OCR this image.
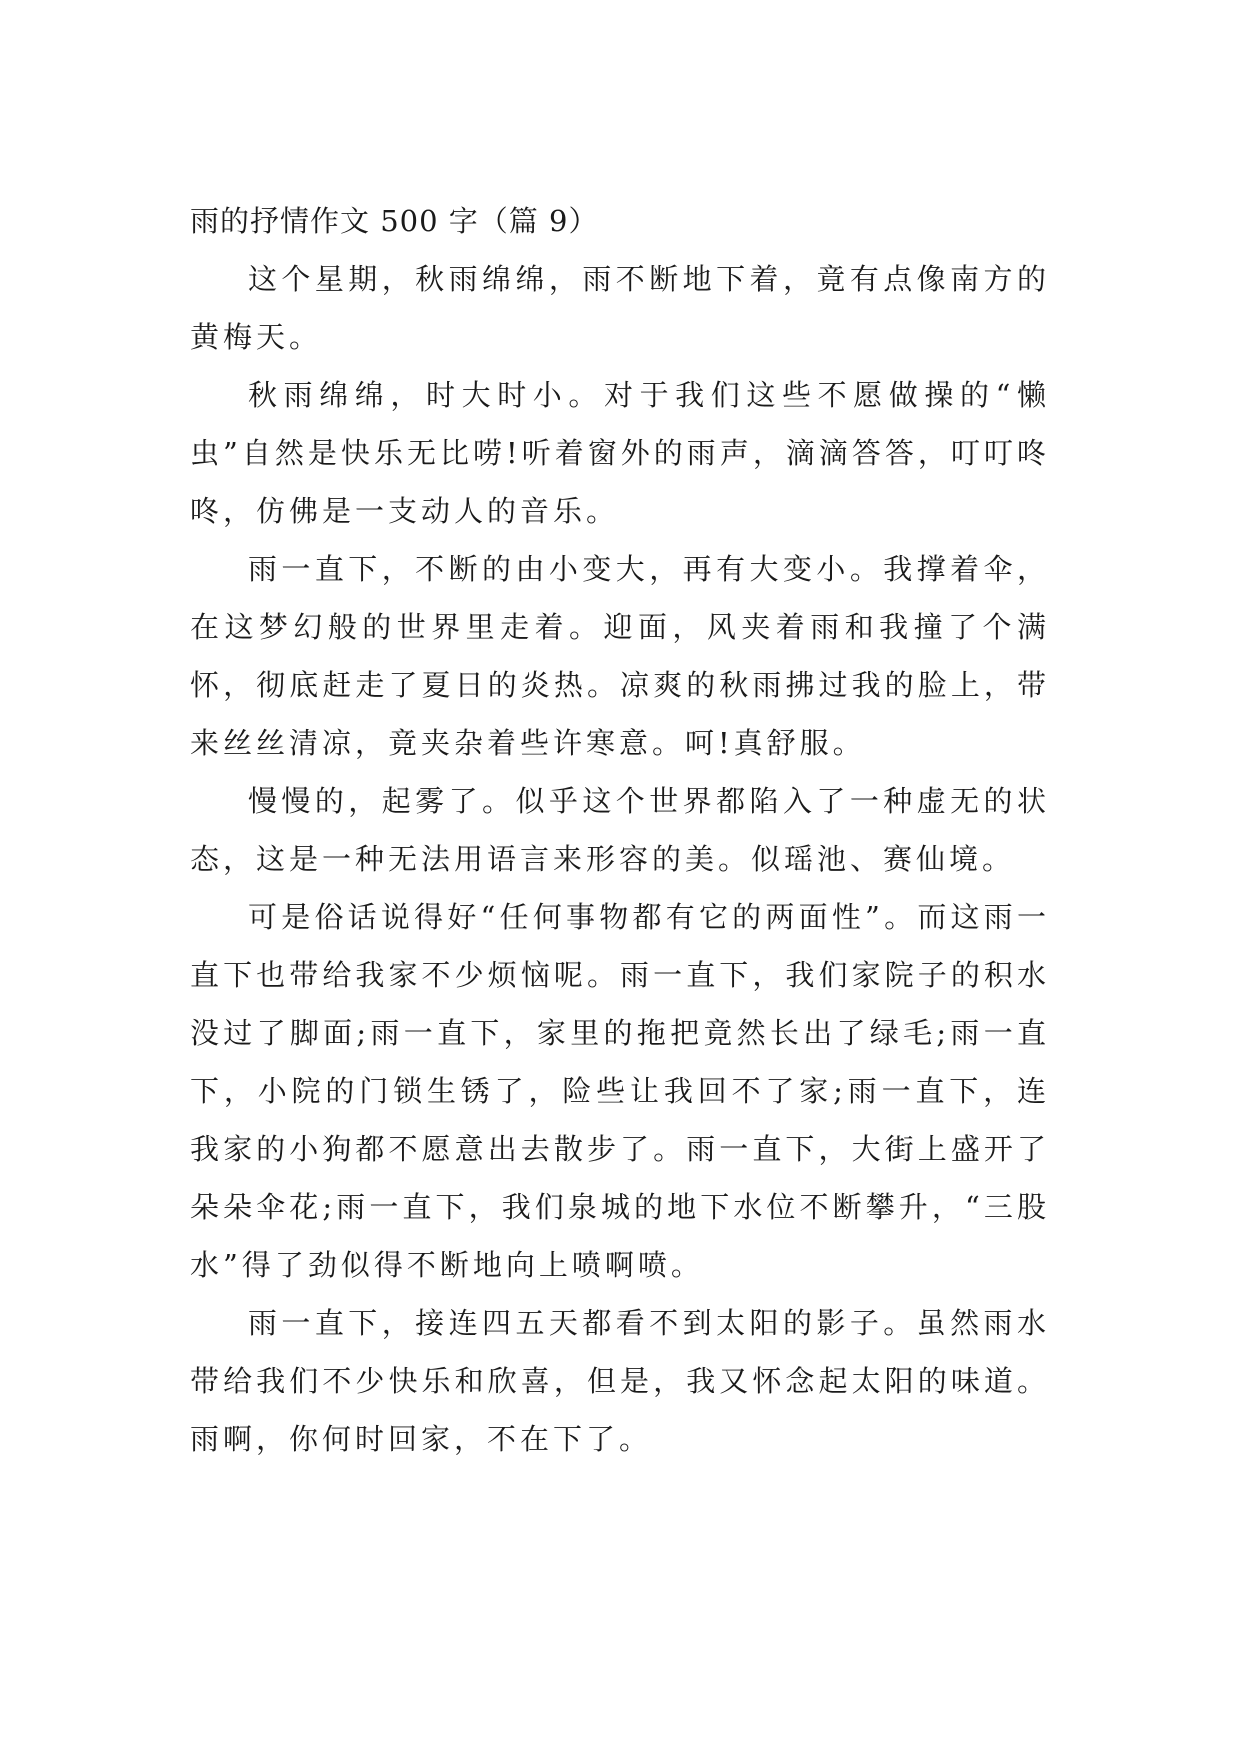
雨的抒情作文 500 字（篇 9）

这个星期，秋雨绵绵，雨不断地下着，竟有点像南方的黄梅天。

秋雨绵绵，时大时小。对于我们这些不愿做操的“懒虫”自然是快乐无比唠!听着窗外的雨声，滴滴答答，叮叮咚咚，仿佛是一支动人的音乐。

雨一直下，不断的由小变大，再有大变小。我撑着伞，在这梦幻般的世界里走着。迎面，风夹着雨和我撞了个满怀，彻底赶走了夏日的炎热。凉爽的秋雨拂过我的脸上，带来丝丝清凉，竟夹杂着些许寒意。呵!真舒服。

慢慢的，起雾了。似乎这个世界都陷入了一种虚无的状态，这是一种无法用语言来形容的美。似瑶池、赛仙境。

可是俗话说得好“任何事物都有它的两面性”。而这雨一直下也带给我家不少烦恼呢。雨一直下，我们家院子的积水没过了脚面;雨一直下，家里的拖把竟然长出了绿毛;雨一直下，小院的门锁生锈了，险些让我回不了家;雨一直下，连我家的小狗都不愿意出去散步了。雨一直下，大街上盛开了朵朵伞花;雨一直下，我们泉城的地下水位不断攀升，“三股水”得了劲似得不断地向上喷啊喷。

雨一直下，接连四五天都看不到太阳的影子。虽然雨水带给我们不少快乐和欣喜，但是，我又怀念起太阳的味道。雨啊，你何时回家，不在下了。
